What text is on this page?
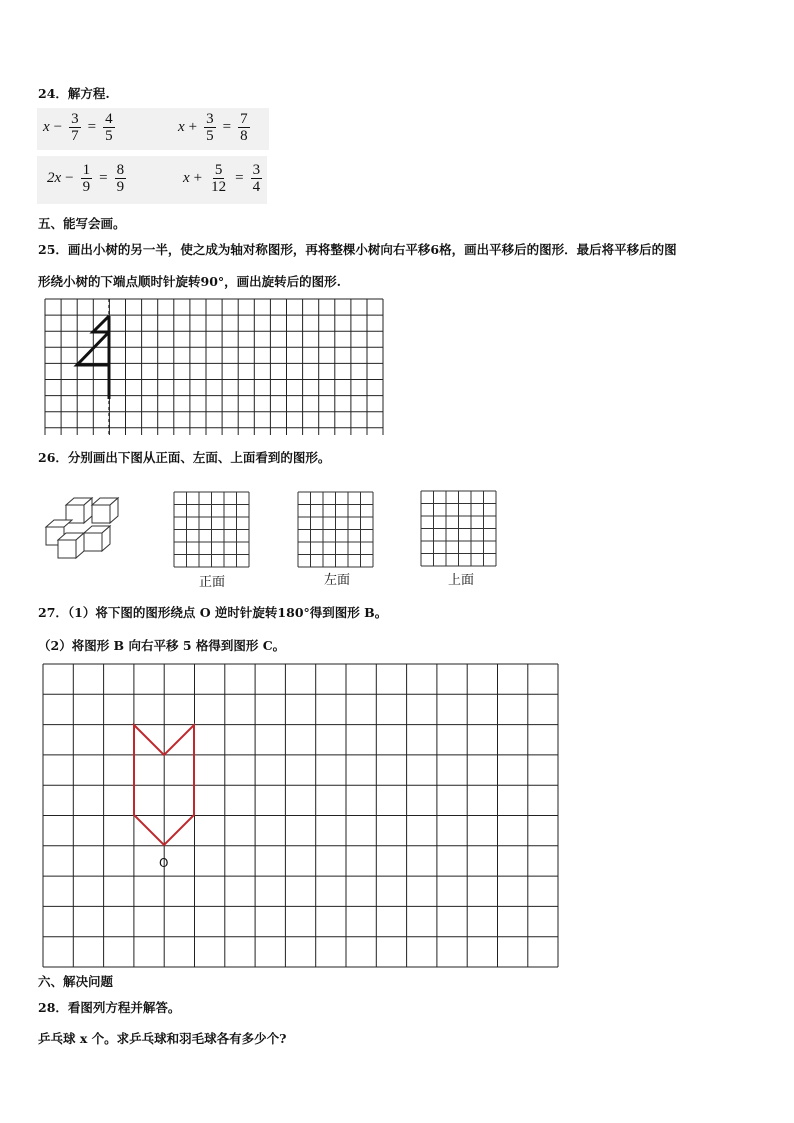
24．解方程.
$x - \frac{3}{7} = \frac{4}{5}$	$x + \frac{3}{5} = \frac{7}{8}$
$2x - \frac{1}{9} = \frac{8}{9}$	$x + \frac{5}{12} = \frac{3}{4}$
五、能写会画。
25．画出小树的另一半，使之成为轴对称图形，再将整棵小树向右平移6格，画出平移后的图形．最后将平移后的图
形绕小树的下端点顺时针旋转90°，画出旋转后的图形.
26．分别画出下图从正面、左面、上面看到的图形。
正面	左面	上面
27．（1）将下图的图形绕点 O 逆时针旋转180°得到图形 B。
（2）将图形 B 向右平移 5 格得到图形 C。
O
六、解决问题
28．看图列方程并解答。
乒乓球 x 个。求乒乓球和羽毛球各有多少个?
